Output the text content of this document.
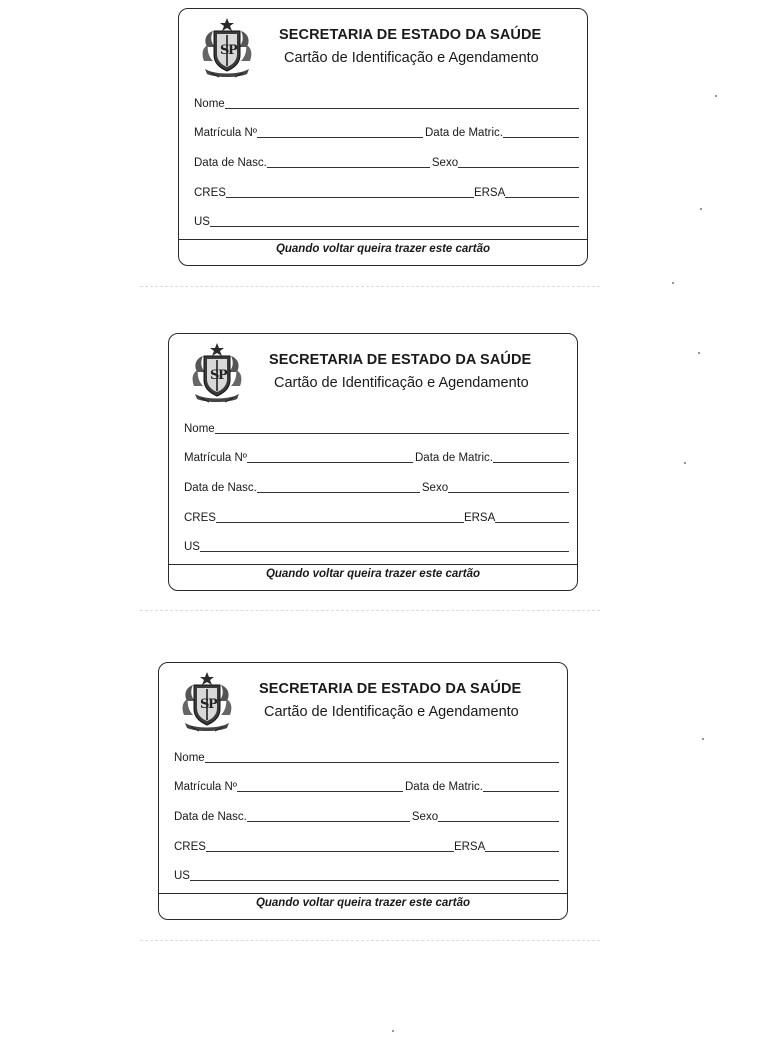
SECRETARIA DE ESTADO DA SAÚDE
Cartão de Identificação e Agendamento
Nome
Matrícula Nº	Data de Matric.
Data de Nasc.	Sexo
CRES	ERSA
US
Quando voltar queira trazer este cartão
SECRETARIA DE ESTADO DA SAÚDE
Cartão de Identificação e Agendamento
Nome
Matrícula Nº	Data de Matric.
Data de Nasc.	Sexo
CRES	ERSA
US
Quando voltar queira trazer este cartão
SECRETARIA DE ESTADO DA SAÚDE
Cartão de Identificação e Agendamento
Nome
Matrícula Nº	Data de Matric.
Data de Nasc.	Sexo
CRES	ERSA
US
Quando voltar queira trazer este cartão
